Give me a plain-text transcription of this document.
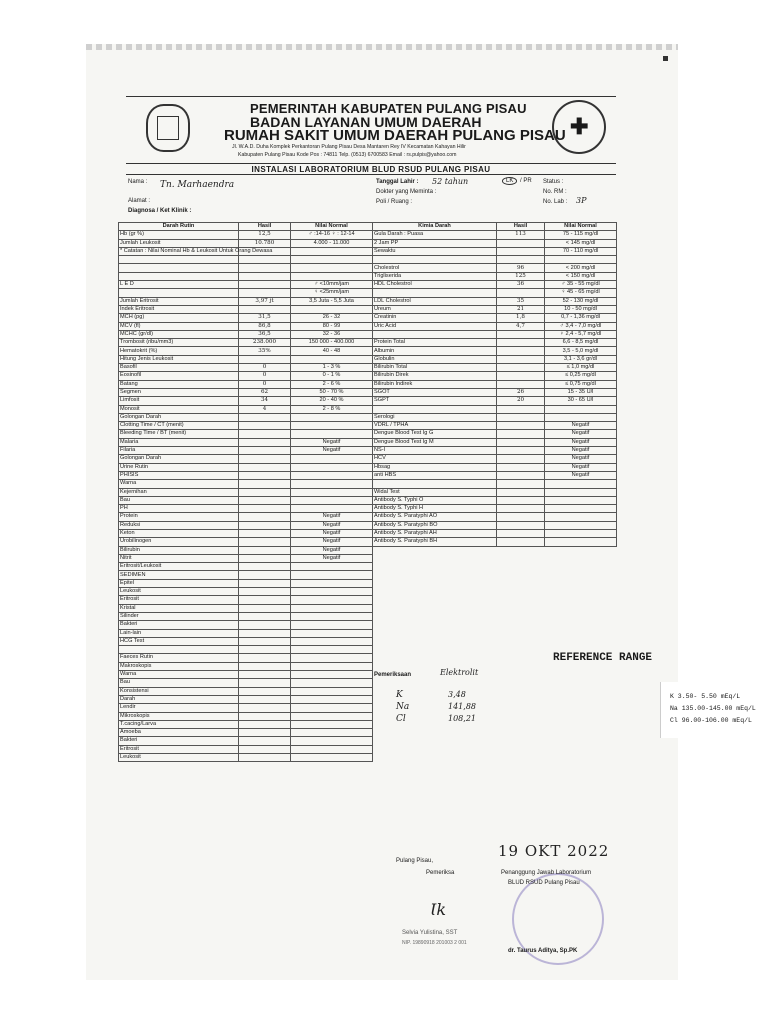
✚
PEMERINTAH KABUPATEN PULANG PISAU
BADAN LAYANAN UMUM DAERAH
RUMAH SAKIT UMUM DAERAH PULANG PISAU
Jl. W.A.D. Duha Komplek Perkantoran Pulang Pisau Desa Mantaren Rey IV Kecamatan Kahayan Hilir
Kabupaten Pulang Pisau Kode Pos : 74811 Telp. (0513) 6700583 Email : rs.pulpis@yahoo.com
INSTALASI LABORATORIUM BLUD RSUD PULANG PISAU
Nama : Tn. Marhaendra
Alamat :
Diagnosa / Ket Klinik :
Tanggal Lahir : 52 tahun	LK	/ PR
Dokter yang Meminta :
Poli / Ruang :
Status :
No. RM :
No. Lab : 3P
Darah Rutin	Hasil	Nilai Normal
Hb (gr %)	12,5	♂ :14-16 ♀ : 12-14
Jumlah Leukosit	10.780	4.000 - 11.000
* Catatan : Nilai Nominal Hb & Leukosit Untuk Orang Dewasa		

L E D		♂ <10mm/jam
		♀ <25mm/jam
Jumlah Eritrosit	3,97 jt	3,5 Juta - 5,5 Juta
Indek Eritrosit		
MCH (pg)	31,5	26 - 32
MCV (fl)	86,8	80 - 99
MCHC (gr/dl)	36,5	32 - 36
Trombosit (ribu/mm3)	238.000	150 000 - 400.000
Hematokrit (%)	35%	40 - 48
Hitung Jenis Leukosit		
Basofil	0	1 - 3 %
Eosinofil	0	0 - 1 %
Batang	0	2 - 6 %
Segmen	62	50 - 70 %
Limfosit	34	20 - 40 %
Monosit	4	2 - 8 %
Golongan Darah		
Clotting Time / CT (menit)		
Bleeding Time / BT (menit)		
Malaria		Negatif
Filaria		Negatif
Golongan Darah		
Urine Rutin		
PHISIS		
Warna		
Kejernihan		
Bau		
PH		
Protein		Negatif
Reduksi		Negatif
Keton		Negatif
Urobilinogen		Negatif
Bilirubin		Negatif
Nitrit		Negatif
Eritrosit/Leukosit		
SEDIMEN		
Epitel		
Leukosit		
Eritrosit		
Kristal		
Silinder		
Bakteri		
Lain-lain		
HCG Test		

Faeces Rutin		
Makroskopis		
Warna		
Bau		
Konsistensi		
Darah		
Lendir		
Mikroskopis		
T.cacing/Larva		
Amoeba		
Bakteri		
Eritrosit		
Leukosit		
Kimia Darah	Hasil	Nilai Normal
Gula Darah : Puasa	113	75 - 115 mg/dl
2 Jam PP		< 145 mg/dl
Sewaktu		70 - 110 mg/dl

Cholestrol	96	< 200 mg/dl
Trigliserida	125	< 150 mg/dl
HDL Cholestrol	36	♂ 35 - 55 mg/dl
		♀ 45 - 65 mg/dl
LDL Cholestrol	35	52 - 130 mg/dl
Ureum	21	10 - 50 mg/dl
Creatinin	1,8	0,7 - 1,36 mg/dl
Uric Acid	4,7	♂ 3,4 - 7,0 mg/dl
		♀ 2,4 - 5,7 mg/dl
Protein Total		6,6 - 8,5 mg/dl
Albumin		3,5 - 5,0 mg/dl
Globulin		3,1 - 3,6 gr/dl
Bilirubin Total		≤ 1,0 mg/dl
Bilirubin Direk		≤ 0,25 mg/dl
Bilirubin Indirek		≤ 0,75 mg/dl
SGOT	26	15 - 35 U/l
SGPT	20	30 - 65 U/l

Serologi		
VDRL / TPHA		Negatif
Dengue Blood Test Ig G		Negatif
Dengue Blood Test Ig M		Negatif
NS-I		Negatif
HCV		Negatif
Hbsag		Negatif
anti HBS		Negatif

Widal Test		
Antibody S. Typhi O		
Antibody S. Typhi H		
Antibody S. Paratyphi AO		
Antibody S. Paratyphi BO		
Antibody S. Paratyphi AH		
Antibody S. Paratyphi BH		
Pemeriksaan	Elektrolit
K	3,48
Na	141,88
Cl	108,21
REFERENCE RANGE
K 3.50- 5.50 mEq/L
Na 135.00-145.00 mEq/L
Cl 96.00-106.00 mEq/L
19 OKT 2022
Pulang Pisau,
Pemeriksa
Ɩk
Selvia Yulistina, SST
NIP. 19890918 201003 2 001
Penanggung Jawab Laboratorium
BLUD RSUD Pulang Pisau
dr. Taurus Aditya, Sp.PK
